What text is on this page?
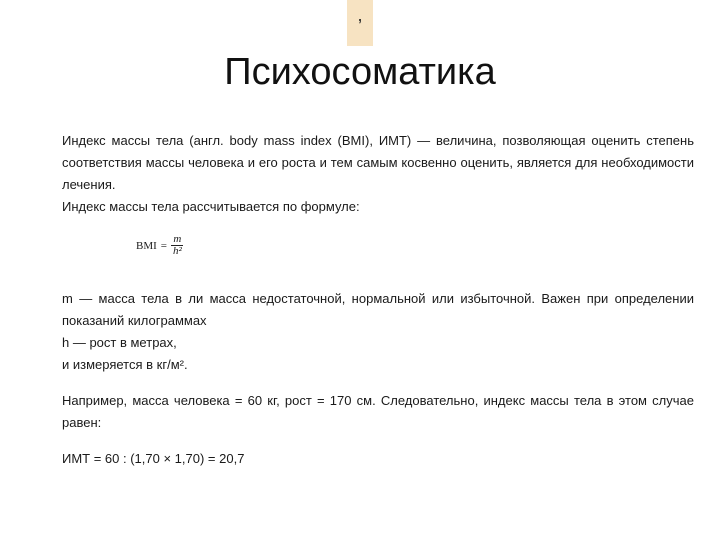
,
Психосоматика

Индекс массы тела (англ. body mass index (BMI), ИМТ) — величина, позволяющая оценить степень соответствия массы человека и его роста и тем самым косвенно оценить, является для необходимости лечения.

Индекс массы тела рассчитывается по формуле:

BMI = $\frac{m}{\text{h²}}$

m — масса тела в ли масса недостаточной, нормальной или избыточной. Важен при определении показаний килограммах

h — рост в метрах,

и измеряется в кг/м².

Например, масса человека = 60 кг, рост = 170 см. Следовательно, индекс массы тела в этом случае равен:

ИМТ = 60 : (1,70 × 1,70) = 20,7
